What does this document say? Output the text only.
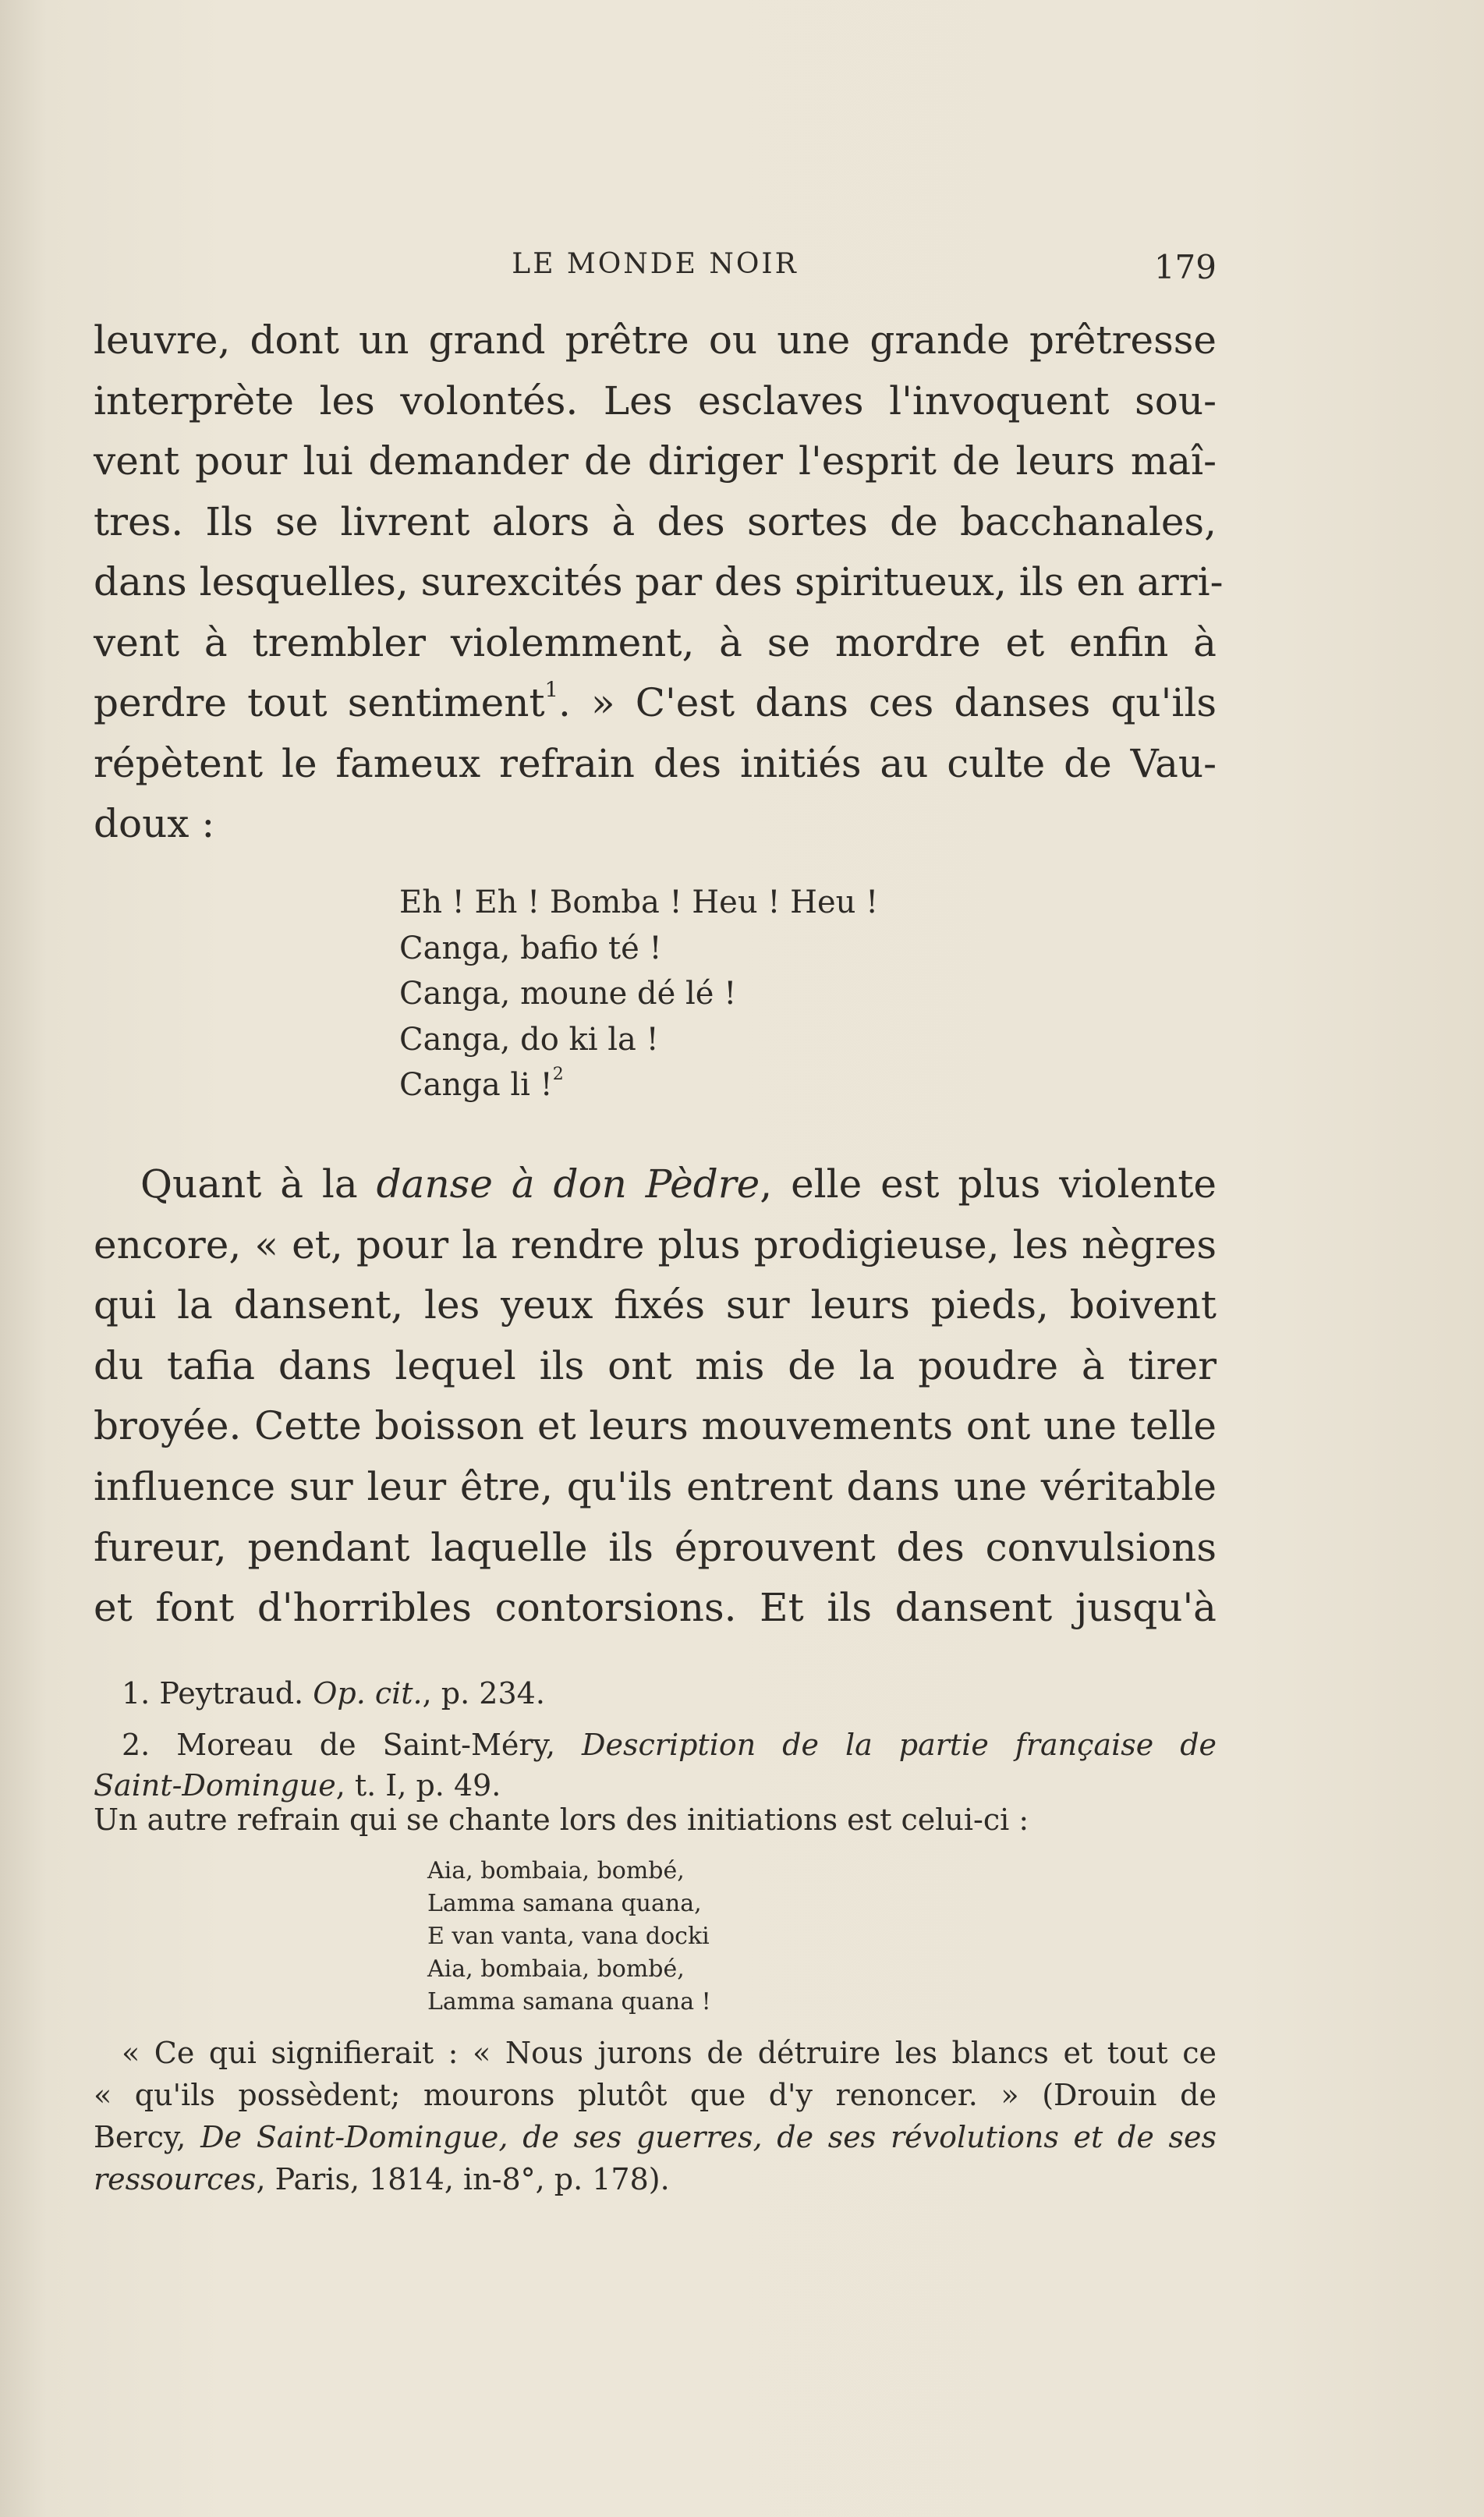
LE MONDE NOIR	179
leuvre, dont un grand prêtre ou une grande prêtresse
interprète les volontés. Les esclaves l'invoquent sou-
vent pour lui demander de diriger l'esprit de leurs maî-
tres. Ils se livrent alors à des sortes de bacchanales,
dans lesquelles, surexcités par des spiritueux, ils en arri-
vent à trembler violemment, à se mordre et enfin à
perdre tout sentiment$^1$. » C'est dans ces danses qu'ils
répètent le fameux refrain des initiés au culte de Vau-
doux :
Eh ! Eh ! Bomba ! Heu ! Heu !
Canga, bafio té !
Canga, moune dé lé !
Canga, do ki la !
Canga li !$^2$
Quant à la danse à don Pèdre, elle est plus violente
encore, « et, pour la rendre plus prodigieuse, les nègres
qui la dansent, les yeux fixés sur leurs pieds, boivent
du tafia dans lequel ils ont mis de la poudre à tirer
broyée. Cette boisson et leurs mouvements ont une telle
influence sur leur être, qu'ils entrent dans une véritable
fureur, pendant laquelle ils éprouvent des convulsions
et font d'horribles contorsions. Et ils dansent jusqu'à
1. Peytraud. Op. cit., p. 234.
2. Moreau de Saint-Méry, Description de la partie française de
Saint-Domingue, t. I, p. 49.
Un autre refrain qui se chante lors des initiations est celui-ci :
Aia, bombaia, bombé,
Lamma samana quana,
E van vanta, vana docki
Aia, bombaia, bombé,
Lamma samana quana !
« Ce qui signifierait : « Nous jurons de détruire les blancs et tout ce
« qu'ils possèdent; mourons plutôt que d'y renoncer. » (Drouin de
Bercy, De Saint-Domingue, de ses guerres, de ses révolutions et de ses
ressources, Paris, 1814, in-8°, p. 178).
